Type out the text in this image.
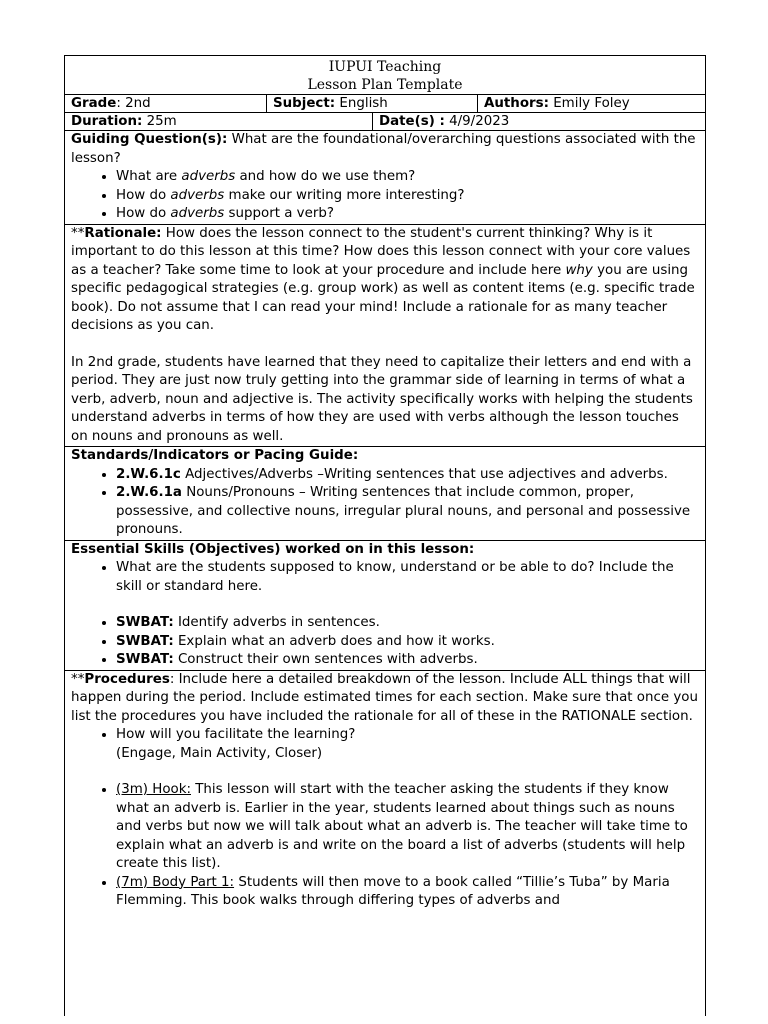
IUPUI Teaching
Lesson Plan Template
Grade: 2nd	Subject: English	Authors: Emily Foley
Duration: 25m	Date(s) : 4/9/2023
Guiding Question(s): What are the foundational/overarching questions associated with the lesson?
• What are adverbs and how do we use them?
• How do adverbs make our writing more interesting?
• How do adverbs support a verb?
**Rationale: How does the lesson connect to the student's current thinking? Why is it important to do this lesson at this time? How does this lesson connect with your core values as a teacher? Take some time to look at your procedure and include here why you are using specific pedagogical strategies (e.g. group work) as well as content items (e.g. specific trade book). Do not assume that I can read your mind! Include a rationale for as many teacher decisions as you can.
In 2nd grade, students have learned that they need to capitalize their letters and end with a period. They are just now truly getting into the grammar side of learning in terms of what a verb, adverb, noun and adjective is. The activity specifically works with helping the students understand adverbs in terms of how they are used with verbs although the lesson touches on nouns and pronouns as well.
Standards/Indicators or Pacing Guide:
• 2.W.6.1c Adjectives/Adverbs –Writing sentences that use adjectives and adverbs.
• 2.W.6.1a Nouns/Pronouns – Writing sentences that include common, proper, possessive, and collective nouns, irregular plural nouns, and personal and possessive pronouns.
Essential Skills (Objectives) worked on in this lesson:
• What are the students supposed to know, understand or be able to do? Include the skill or standard here.
• SWBAT: Identify adverbs in sentences.
• SWBAT: Explain what an adverb does and how it works.
• SWBAT: Construct their own sentences with adverbs.
**Procedures: Include here a detailed breakdown of the lesson. Include ALL things that will happen during the period. Include estimated times for each section. Make sure that once you list the procedures you have included the rationale for all of these in the RATIONALE section.
• How will you facilitate the learning?
(Engage, Main Activity, Closer)
• (3m) Hook: This lesson will start with the teacher asking the students if they know what an adverb is. Earlier in the year, students learned about things such as nouns and verbs but now we will talk about what an adverb is. The teacher will take time to explain what an adverb is and write on the board a list of adverbs (students will help create this list).
• (7m) Body Part 1: Students will then move to a book called “Tillie’s Tuba” by Maria Flemming. This book walks through differing types of adverbs and
